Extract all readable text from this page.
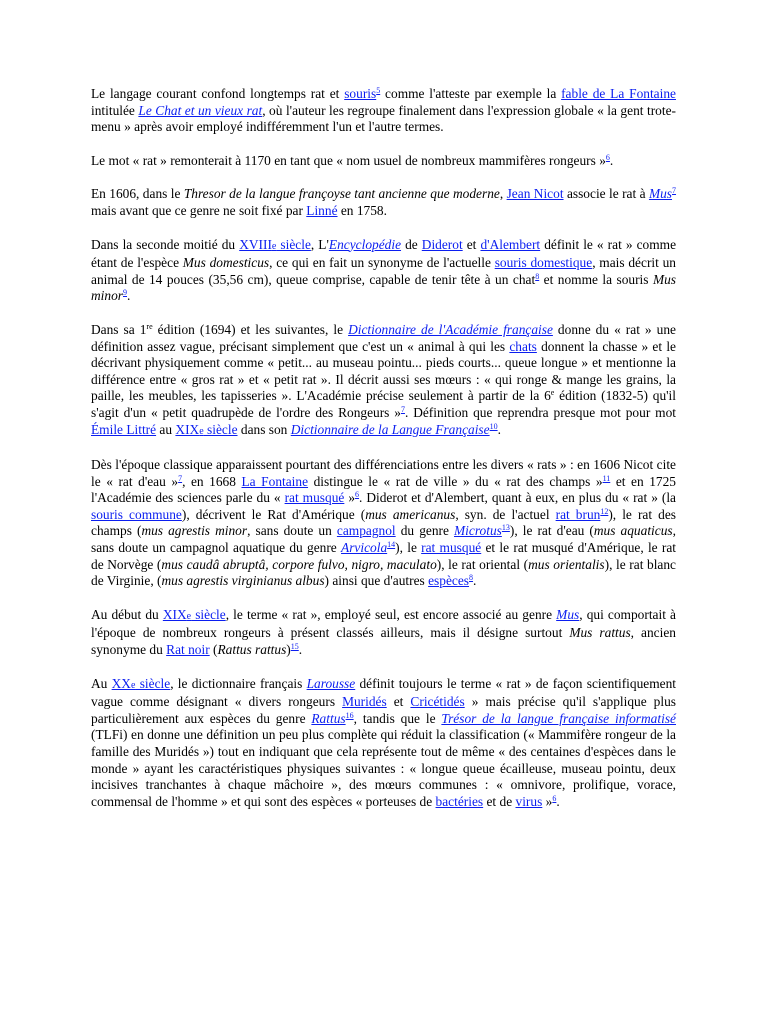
Le langage courant confond longtemps rat et souris$^5$ comme l'atteste par exemple la fable de La Fontaine intitulée Le Chat et un vieux rat, où l'auteur les regroupe finalement dans l'expression globale « la gent trote-menu » après avoir employé indifféremment l'un et l'autre termes.

Le mot « rat » remonterait à 1170 en tant que « nom usuel de nombreux mammifères rongeurs »$^6$.

En 1606, dans le Thresor de la langue françoyse tant ancienne que moderne, Jean Nicot associe le rat à Mus$^7$ mais avant que ce genre ne soit fixé par Linné en 1758.

Dans la seconde moitié du XVIIIe siècle, L'Encyclopédie de Diderot et d'Alembert définit le « rat » comme étant de l'espèce Mus domesticus, ce qui en fait un synonyme de l'actuelle souris domestique, mais décrit un animal de 14 pouces (35,56 cm), queue comprise, capable de tenir tête à un chat$^8$ et nomme la souris Mus minor$^9$.

Dans sa 1re édition (1694) et les suivantes, le Dictionnaire de l'Académie française donne du « rat » une définition assez vague, précisant simplement que c'est un « animal à qui les chats donnent la chasse » et le décrivant physiquement comme « petit... au museau pointu... pieds courts... queue longue » et mentionne la différence entre « gros rat » et « petit rat ». Il décrit aussi ses mœurs : « qui ronge & mange les grains, la paille, les meubles, les tapisseries ». L'Académie précise seulement à partir de la 6e édition (1832-5) qu'il s'agit d'un « petit quadrupède de l'ordre des Rongeurs »$^7$. Définition que reprendra presque mot pour mot Émile Littré au XIXe siècle dans son Dictionnaire de la Langue Française$^{10}$.

Dès l'époque classique apparaissent pourtant des différenciations entre les divers « rats » : en 1606 Nicot cite le « rat d'eau »$^7$, en 1668 La Fontaine distingue le « rat de ville » du « rat des champs »$^{11}$ et en 1725 l'Académie des sciences parle du « rat musqué »$^6$. Diderot et d'Alembert, quant à eux, en plus du « rat » (la souris commune), décrivent le Rat d'Amérique (mus americanus, syn. de l'actuel rat brun$^{12}$), le rat des champs (mus agrestis minor, sans doute un campagnol du genre Microtus$^{13}$), le rat d'eau (mus aquaticus, sans doute un campagnol aquatique du genre Arvicola$^{14}$), le rat musqué et le rat musqué d'Amérique, le rat de Norvège (mus caudâ abruptâ, corpore fulvo, nigro, maculato), le rat oriental (mus orientalis), le rat blanc de Virginie, (mus agrestis virginianus albus) ainsi que d'autres espèces$^8$.

Au début du XIXe siècle, le terme « rat », employé seul, est encore associé au genre Mus, qui comportait à l'époque de nombreux rongeurs à présent classés ailleurs, mais il désigne surtout Mus rattus, ancien synonyme du Rat noir (Rattus rattus)$^{15}$.

Au XXe siècle, le dictionnaire français Larousse définit toujours le terme « rat » de façon scientifiquement vague comme désignant « divers rongeurs Muridés et Cricétidés » mais précise qu'il s'applique plus particulièrement aux espèces du genre Rattus$^{16}$, tandis que le Trésor de la langue française informatisé (TLFi) en donne une définition un peu plus complète qui réduit la classification (« Mammifère rongeur de la famille des Muridés ») tout en indiquant que cela représente tout de même « des centaines d'espèces dans le monde » ayant les caractéristiques physiques suivantes : « longue queue écailleuse, museau pointu, deux incisives tranchantes à chaque mâchoire », des mœurs communes : « omnivore, prolifique, vorace, commensal de l'homme » et qui sont des espèces « porteuses de bactéries et de virus »$^6$.
